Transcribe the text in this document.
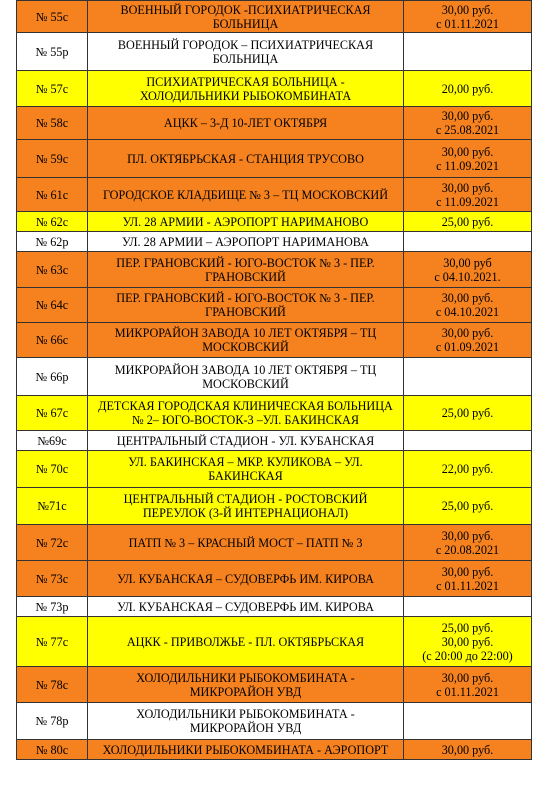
№ 55с	ВОЕННЫЙ ГОРОДОК -ПСИХИАТРИЧЕСКАЯ
БОЛЬНИЦА	30,00 руб.
с 01.11.2021

№ 55р	ВОЕННЫЙ ГОРОДОК – ПСИХИАТРИЧЕСКАЯ
БОЛЬНИЦА	

№ 57с	ПСИХИАТРИЧЕСКАЯ БОЛЬНИЦА -
ХОЛОДИЛЬНИКИ РЫБОКОМБИНАТА	20,00 руб.

№ 58с	АЦКК – 3-Д 10-ЛЕТ ОКТЯБРЯ	30,00 руб.
с 25.08.2021

№ 59с	ПЛ. ОКТЯБРЬСКАЯ - СТАНЦИЯ ТРУСОВО	30,00 руб.
с 11.09.2021

№ 61с	ГОРОДСКОЕ КЛАДБИЩЕ № 3 – ТЦ МОСКОВСКИЙ	30,00 руб.
с 11.09.2021

№ 62с	УЛ. 28 АРМИИ - АЭРОПОРТ НАРИМАНОВО	25,00 руб.

№ 62р	УЛ. 28 АРМИИ – АЭРОПОРТ НАРИМАНОВА	

№ 63с	ПЕР. ГРАНОВСКИЙ - ЮГО-ВОСТОК № 3 - ПЕР.
ГРАНОВСКИЙ	30,00 руб
с 04.10.2021.

№ 64с	ПЕР. ГРАНОВСКИЙ - ЮГО-ВОСТОК № 3 - ПЕР.
ГРАНОВСКИЙ	30,00 руб.
с 04.10.2021

№ 66с	МИКРОРАЙОН ЗАВОДА 10 ЛЕТ ОКТЯБРЯ – ТЦ
МОСКОВСКИЙ	30,00 руб.
с 01.09.2021

№ 66р	МИКРОРАЙОН ЗАВОДА 10 ЛЕТ ОКТЯБРЯ – ТЦ
МОСКОВСКИЙ	

№ 67с	ДЕТСКАЯ ГОРОДСКАЯ КЛИНИЧЕСКАЯ БОЛЬНИЦА
№ 2– ЮГО-ВОСТОК-3 –УЛ. БАКИНСКАЯ	25,00 руб.

№69с	ЦЕНТРАЛЬНЫЙ СТАДИОН - УЛ. КУБАНСКАЯ	

№ 70с	УЛ. БАКИНСКАЯ – МКР. КУЛИКОВА – УЛ.
БАКИНСКАЯ	22,00 руб.

№71с	ЦЕНТРАЛЬНЫЙ СТАДИОН - РОСТОВСКИЙ
ПЕРЕУЛОК (3-Й ИНТЕРНАЦИОНАЛ)	25,00 руб.

№ 72с	ПАТП № 3 – КРАСНЫЙ МОСТ – ПАТП № 3	30,00 руб.
с 20.08.2021

№ 73с	УЛ. КУБАНСКАЯ – СУДОВЕРФЬ ИМ. КИРОВА	30,00 руб.
с 01.11.2021

№ 73р	УЛ. КУБАНСКАЯ – СУДОВЕРФЬ ИМ. КИРОВА	

№ 77с	АЦКК - ПРИВОЛЖЬЕ - ПЛ. ОКТЯБРЬСКАЯ	25,00 руб.
30,00 руб.
(с 20:00 до 22:00)

№ 78с	ХОЛОДИЛЬНИКИ РЫБОКОМБИНАТА -
МИКРОРАЙОН УВД	30,00 руб.
с 01.11.2021

№ 78р	ХОЛОДИЛЬНИКИ РЫБОКОМБИНАТА -
МИКРОРАЙОН УВД	

№ 80с	ХОЛОДИЛЬНИКИ РЫБОКОМБИНАТА - АЭРОПОРТ	30,00 руб.
